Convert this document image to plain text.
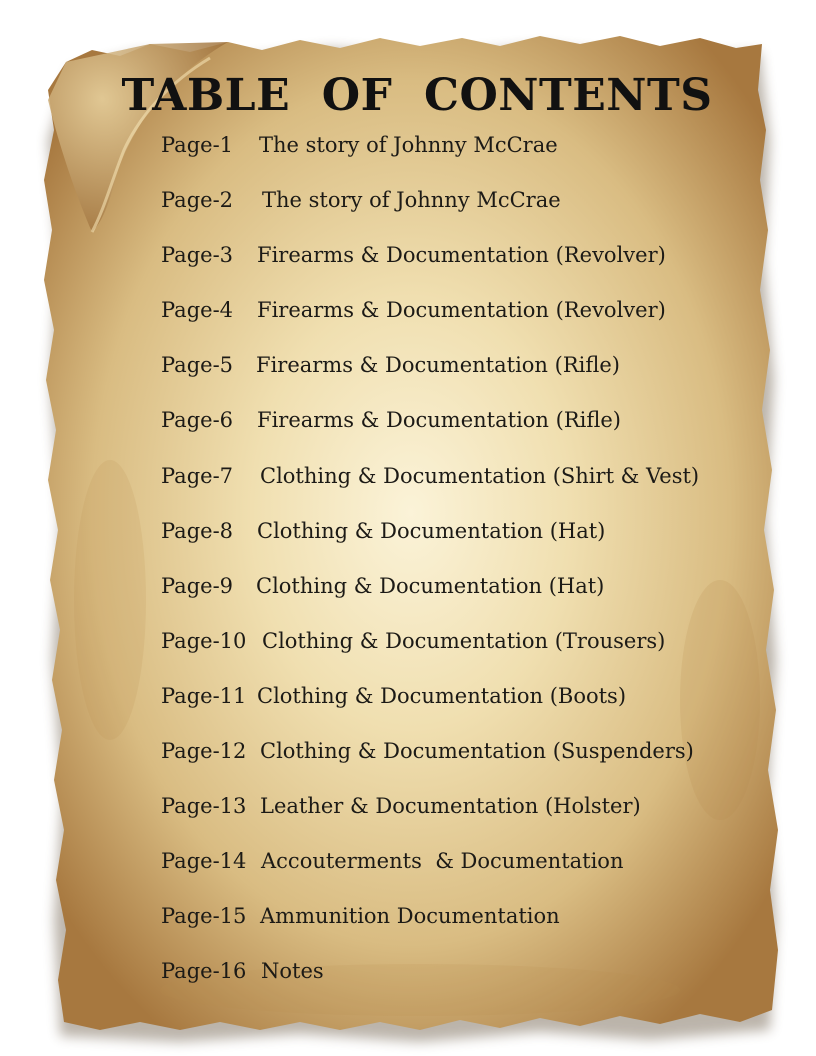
TABLE  OF  CONTENTS
Page-1 The story of Johnny McCrae
Page-2 The story of Johnny McCrae
Page-3 Firearms & Documentation (Revolver)
Page-4 Firearms & Documentation (Revolver)
Page-5 Firearms & Documentation (Rifle)
Page-6 Firearms & Documentation (Rifle)
Page-7 Clothing & Documentation (Shirt & Vest)
Page-8 Clothing & Documentation (Hat)
Page-9 Clothing & Documentation (Hat)
Page-10 Clothing & Documentation (Trousers)
Page-11 Clothing & Documentation (Boots)
Page-12 Clothing & Documentation (Suspenders)
Page-13 Leather & Documentation (Holster)
Page-14 Accouterments  & Documentation
Page-15 Ammunition Documentation
Page-16 Notes
